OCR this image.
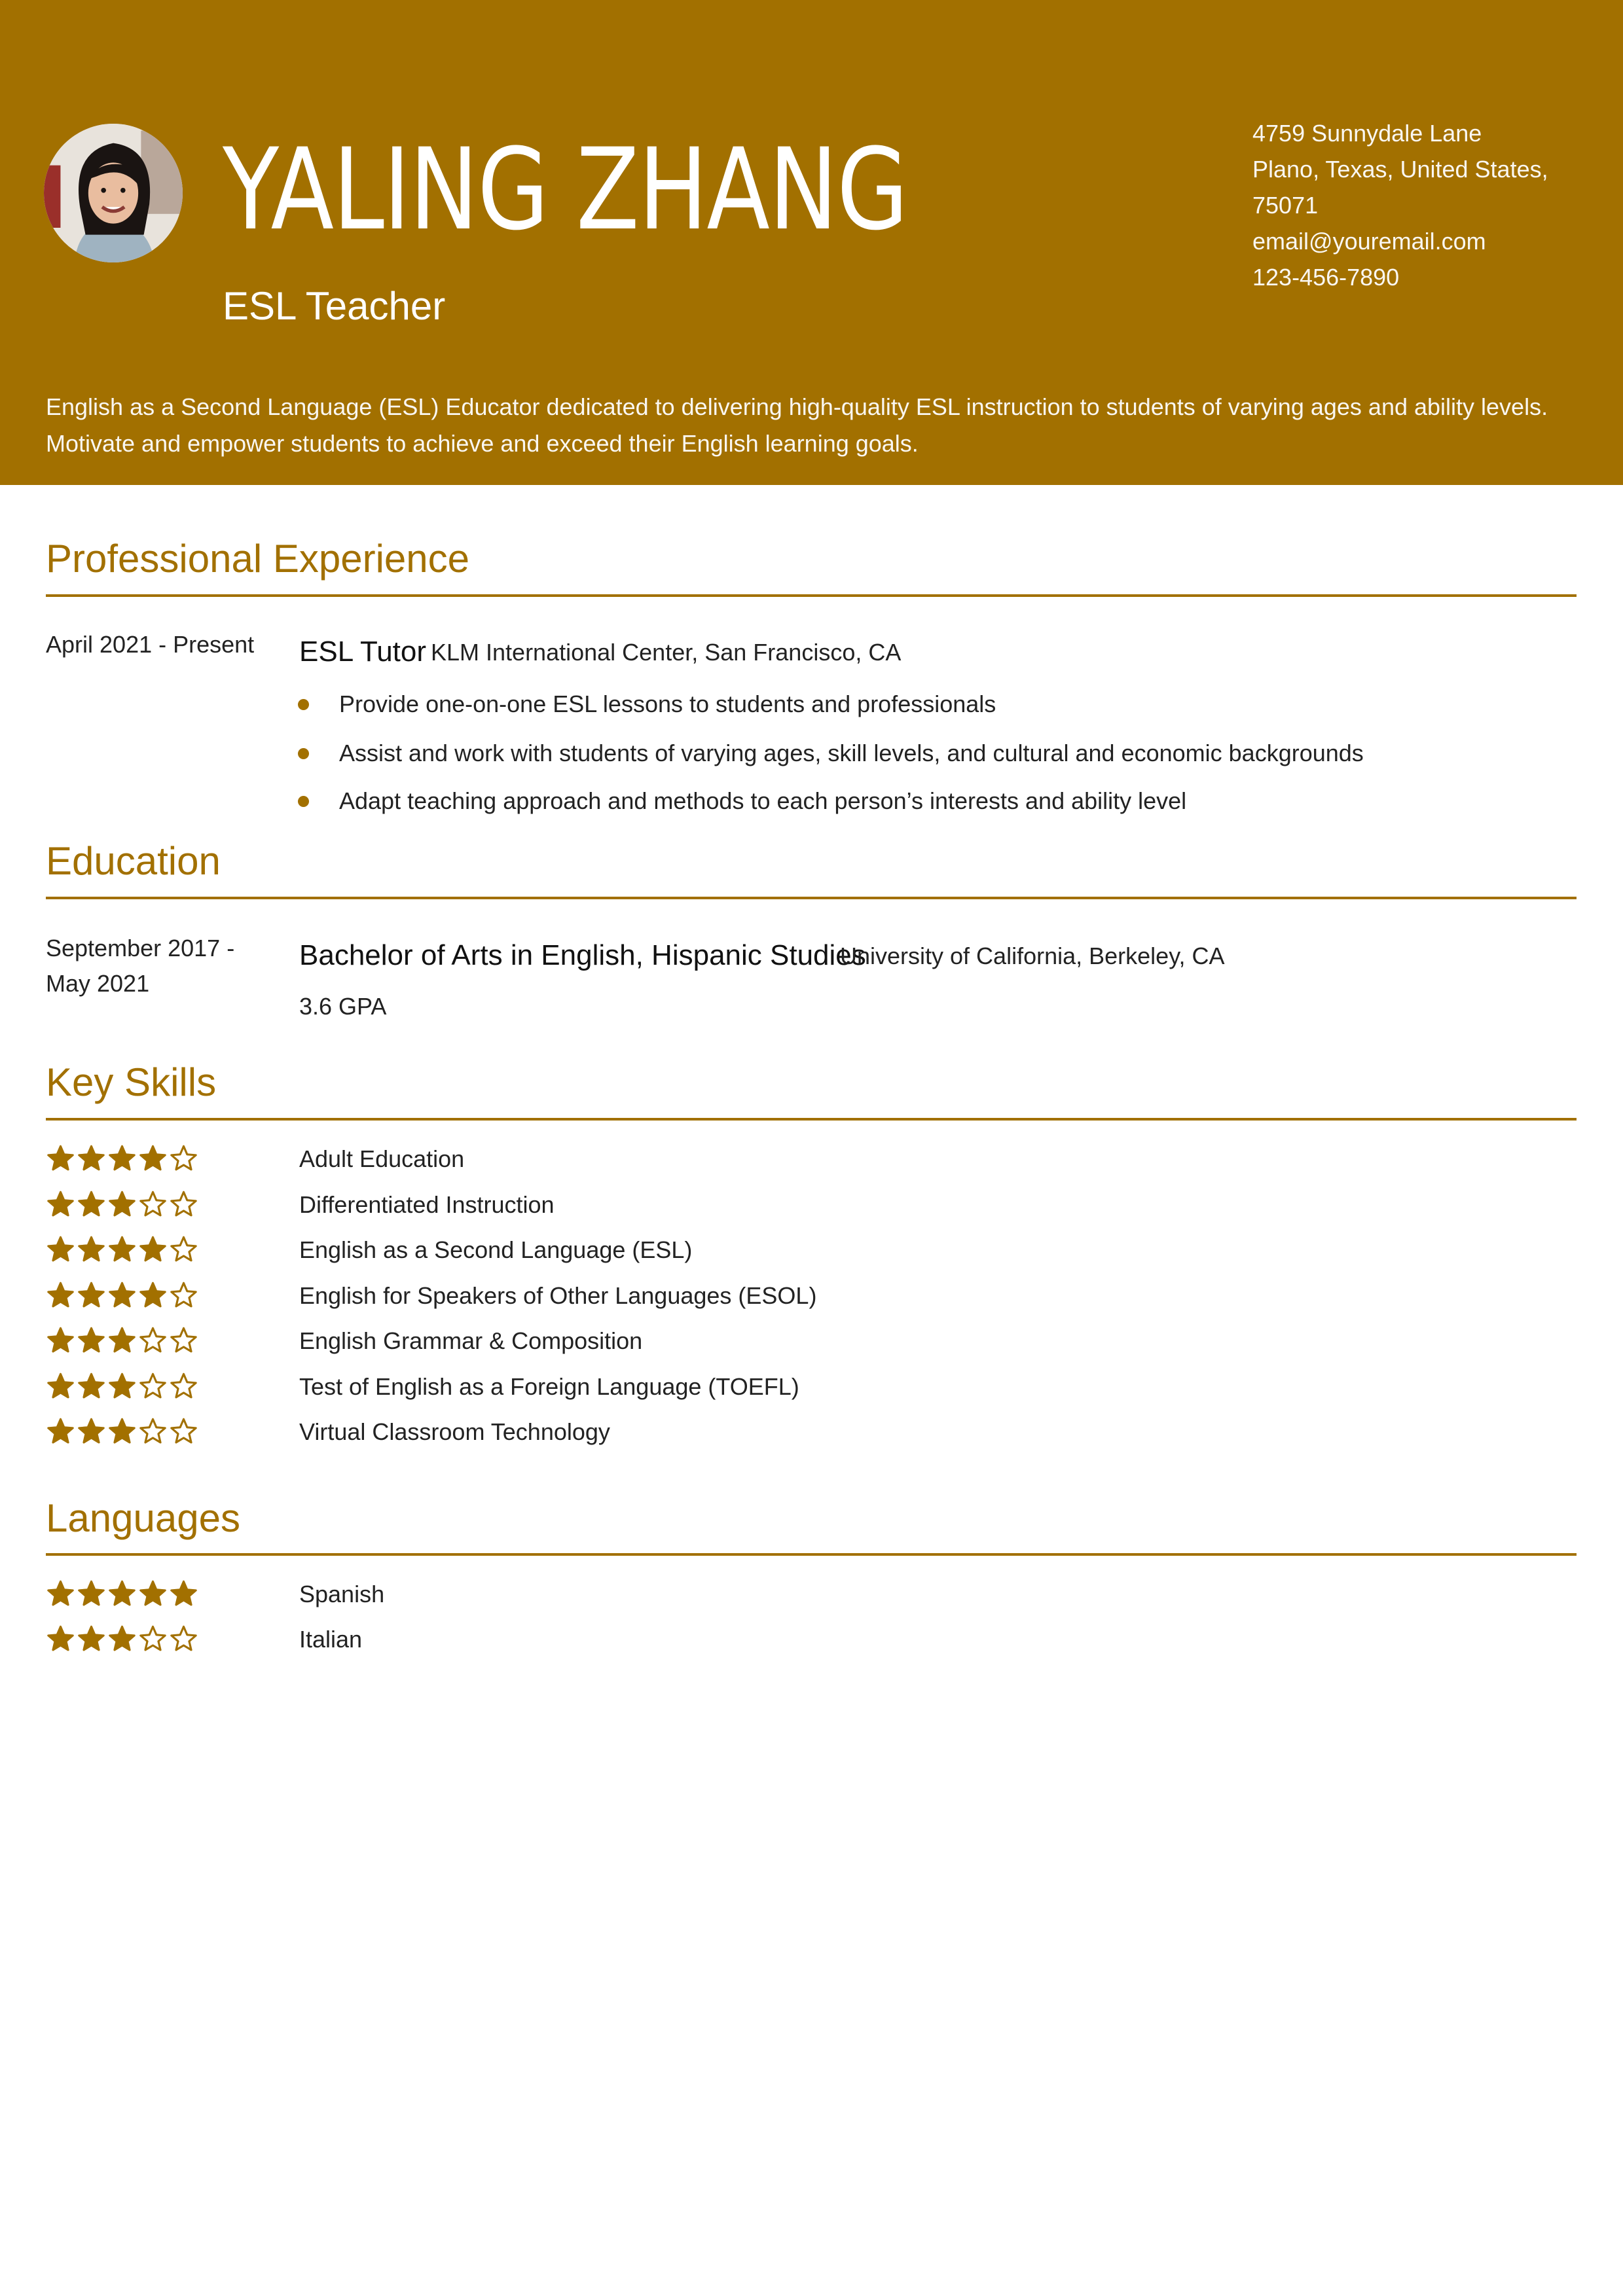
YALING ZHANG
ESL Teacher
4759 Sunnydale Lane
Plano, Texas, United States,
75071
email@youremail.com
123-456-7890
English as a Second Language (ESL) Educator dedicated to delivering high-quality ESL instruction to students of varying ages and ability levels.
Motivate and empower students to achieve and exceed their English learning goals.
Professional Experience
April 2021 - Present ESL Tutor KLM International Center, San Francisco, CA
Provide one-on-one ESL lessons to students and professionals
Assist and work with students of varying ages, skill levels, and cultural and economic backgrounds
Adapt teaching approach and methods to each person’s interests and ability level
Education
September 2017 -
May 2021
Bachelor of Arts in English, Hispanic Studies
University of California, Berkeley, CA
3.6 GPA
Key Skills
Adult Education
Differentiated Instruction
English as a Second Language (ESL)
English for Speakers of Other Languages (ESOL)
English Grammar & Composition
Test of English as a Foreign Language (TOEFL)
Virtual Classroom Technology
Languages
Spanish
Italian
